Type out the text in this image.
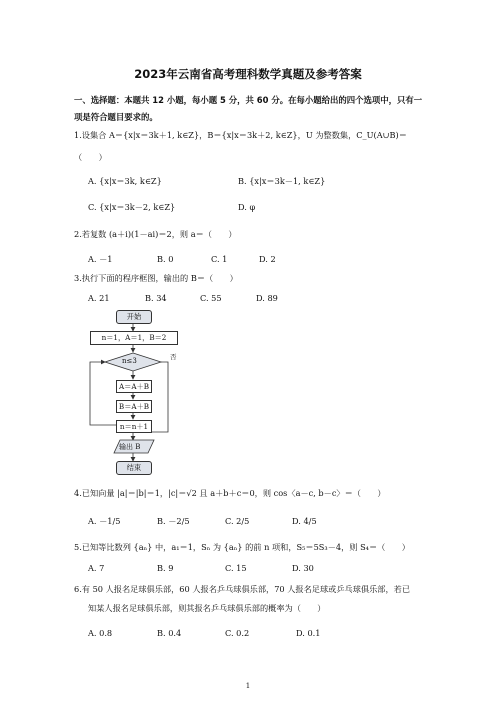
2023年云南省高考理科数学真题及参考答案
一、选择题：本题共 12 小题，每小题 5 分，共 60 分。在每小题给出的四个选项中，只有一项是符合题目要求的。
1.设集合 A＝{x|x＝3k＋1, k∈Z}，B＝{x|x＝3k＋2, k∈Z}，U 为整数集，C_U(A∪B)＝
（　　）
A. {x|x＝3k, k∈Z}	B. {x|x＝3k－1, k∈Z}
C. {x|x＝3k－2, k∈Z}	D. φ
2.若复数 (a＋i)(1－ai)＝2，则 a＝（　　）
A. －1	B. 0	C. 1	D. 2
3.执行下面的程序框图，输出的 B＝（　　）
A. 21	B. 34	C. 55	D. 89
开始
n＝1，A＝1，B＝2
n≤3	否
A＝A＋B
B＝A＋B
n＝n＋1
输出 B
结束
4.已知向量 |a|＝|b|＝1，|c|＝√2 且 a＋b＋c＝0，则 cos〈a－c, b－c〉＝（　　）
A. －1/5	B. －2/5	C. 2/5	D. 4/5
5.已知等比数列 {aₙ} 中，a₁＝1，Sₙ 为 {aₙ} 的前 n 项和，S₅＝5S₃－4，则 S₄＝（　　）
A. 7	B. 9	C. 15	D. 30
6.有 50 人报名足球俱乐部，60 人报名乒乓球俱乐部，70 人报名足球或乒乓球俱乐部，若已
知某人报名足球俱乐部，则其报名乒乓球俱乐部的概率为（　　）
A. 0.8	B. 0.4	C. 0.2	D. 0.1
1
